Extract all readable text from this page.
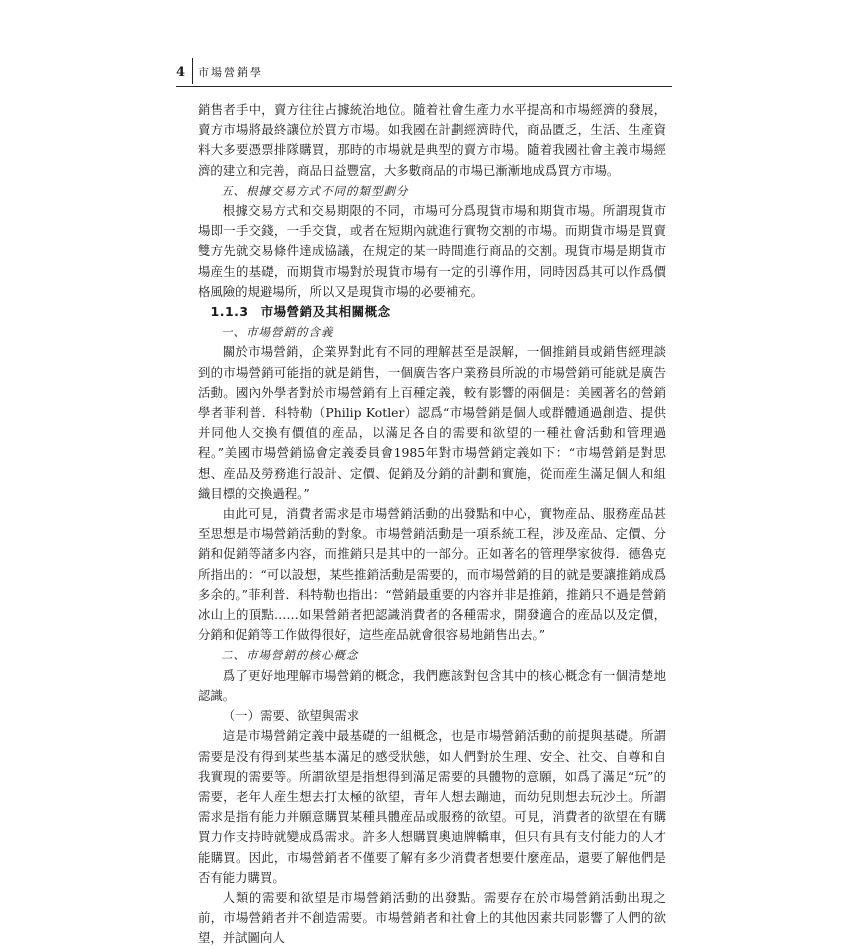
4	市場營銷學

銷售者手中，賣方往往占據統治地位。隨着社會生產力水平提高和市場經濟的發展，賣方市場將最終讓位於買方市場。如我國在計劃經濟時代，商品匱乏，生活、生產資料大多要憑票排隊購買，那時的市場就是典型的賣方市場。隨着我國社會主義市場經濟的建立和完善，商品日益豐富，大多數商品的市場已漸漸地成爲買方市場。

五、根據交易方式不同的類型劃分

根據交易方式和交易期限的不同，市場可分爲現貨市場和期貨市場。所謂現貨市場即一手交錢，一手交貨，或者在短期內就進行實物交割的市場。而期貨市場是買賣雙方先就交易條件達成協議，在規定的某一時間進行商品的交割。現貨市場是期貨市場産生的基礎，而期貨市場對於現貨市場有一定的引導作用，同時因爲其可以作爲價格風險的規避場所，所以又是現貨市場的必要補充。

1.1.3 市場營銷及其相關概念

一、市場營銷的含義

關於市場營銷，企業界對此有不同的理解甚至是誤解，一個推銷員或銷售經理談到的市場營銷可能指的就是銷售，一個廣告客户業務員所說的市場營銷可能就是廣告活動。國內外學者對於市場營銷有上百種定義，較有影響的兩個是：美國著名的營銷學者菲利普．科特勒（Philip Kotler）認爲“市場營銷是個人或群體通過創造、提供并同他人交換有價值的産品，以滿足各自的需要和欲望的一種社會活動和管理過程。”美國市場營銷協會定義委員會1985年對市場營銷定義如下：“市場營銷是對思想、産品及勞務進行設計、定價、促銷及分銷的計劃和實施，從而産生滿足個人和組織目標的交換過程。”

由此可見，消費者需求是市場營銷活動的出發點和中心，實物産品、服務産品甚至思想是市場營銷活動的對象。市場營銷活動是一項系統工程，涉及産品、定價、分銷和促銷等諸多内容，而推銷只是其中的一部分。正如著名的管理學家彼得．德魯克所指出的：“可以設想，某些推銷活動是需要的，而市場營銷的目的就是要讓推銷成爲多余的。”菲利普．科特勒也指出：“營銷最重要的内容并非是推銷，推銷只不過是營銷冰山上的頂點……如果營銷者把認識消費者的各種需求，開發適合的産品以及定價，分銷和促銷等工作做得很好，這些産品就會很容易地銷售出去。”

二、市場營銷的核心概念

爲了更好地理解市場營銷的概念，我們應該對包含其中的核心概念有一個清楚地認識。

（一）需要、欲望與需求

這是市場營銷定義中最基礎的一組概念，也是市場營銷活動的前提與基礎。所謂需要是没有得到某些基本滿足的感受狀態，如人們對於生理、安全、社交、自尊和自我實現的需要等。所謂欲望是指想得到滿足需要的具體物的意願，如爲了滿足“玩”的需要，老年人産生想去打太極的欲望，青年人想去蹦迪，而幼兒則想去玩沙土。所謂需求是指有能力并願意購買某種具體産品或服務的欲望。可見，消費者的欲望在有購買力作支持時就變成爲需求。許多人想購買奧迪牌轎車，但只有具有支付能力的人才能購買。因此，市場營銷者不僅要了解有多少消費者想要什麼産品，還要了解他們是否有能力購買。

人類的需要和欲望是市場營銷活動的出發點。需要存在於市場營銷活動出現之前，市場營銷者并不創造需要。市場營銷者和社會上的其他因素共同影響了人們的欲望，并試圖向人
